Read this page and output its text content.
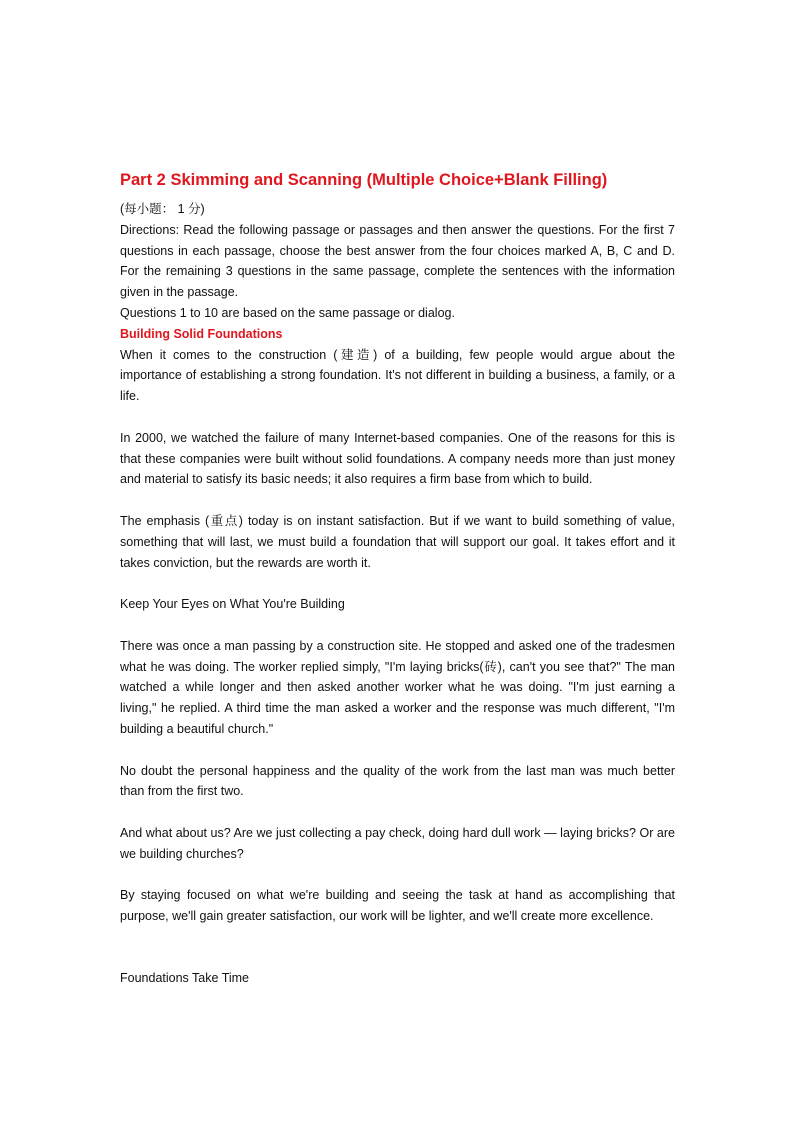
Part 2 Skimming and Scanning (Multiple Choice+Blank Filling)

(每小题： 1 分)

Directions: Read the following passage or passages and then answer the questions. For the first 7 questions in each passage, choose the best answer from the four choices marked A, B, C and D. For the remaining 3 questions in the same passage, complete the sentences with the information given in the passage.

Questions 1 to 10 are based on the same passage or dialog.

Building Solid Foundations

When it comes to the construction (建造) of a building, few people would argue about the importance of establishing a strong foundation. It's not different in building a business, a family, or a life.

In 2000, we watched the failure of many Internet-based companies. One of the reasons for this is that these companies were built without solid foundations. A company needs more than just money and material to satisfy its basic needs; it also requires a firm base from which to build.

The emphasis (重点) today is on instant satisfaction. But if we want to build something of value, something that will last, we must build a foundation that will support our goal. It takes effort and it takes conviction, but the rewards are worth it.

Keep Your Eyes on What You're Building

There was once a man passing by a construction site. He stopped and asked one of the tradesmen what he was doing. The worker replied simply, "I'm laying bricks(砖), can't you see that?" The man watched a while longer and then asked another worker what he was doing. "I'm just earning a living," he replied. A third time the man asked a worker and the response was much different, "I'm building a beautiful church."

No doubt the personal happiness and the quality of the work from the last man was much better than from the first two.

And what about us? Are we just collecting a pay check, doing hard dull work — laying bricks? Or are we building churches?

By staying focused on what we're building and seeing the task at hand as accomplishing that purpose, we'll gain greater satisfaction, our work will be lighter, and we'll create more excellence.

Foundations Take Time
